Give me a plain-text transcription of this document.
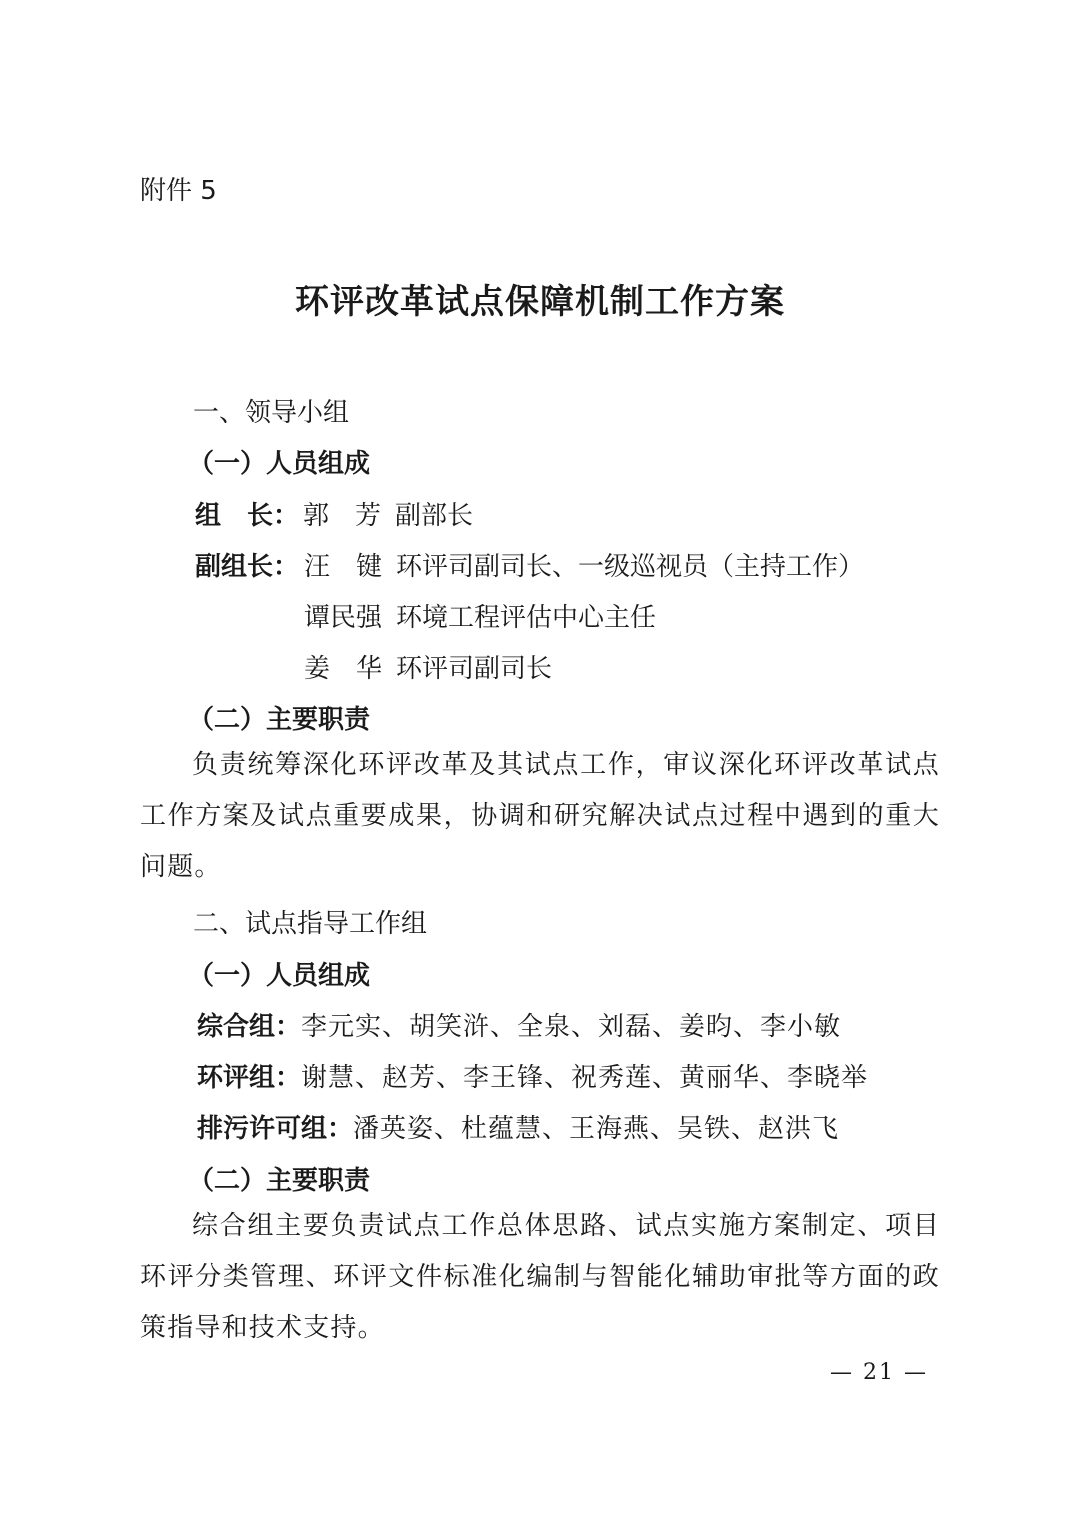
附件 5
环评改革试点保障机制工作方案
一、领导小组
（一）人员组成
组　长： 郭　芳 副部长
副组长： 汪　键 环评司副司长、一级巡视员（主持工作）
谭民强 环境工程评估中心主任
姜　华 环评司副司长
（二）主要职责
负责统筹深化环评改革及其试点工作，审议深化环评改革试点工作方案及试点重要成果，协调和研究解决试点过程中遇到的重大问题。
二、试点指导工作组
（一）人员组成
综合组：李元实、胡笑浒、全泉、刘磊、姜昀、李小敏
环评组：谢慧、赵芳、李王锋、祝秀莲、黄丽华、李晓举
排污许可组：潘英姿、杜蕴慧、王海燕、吴铁、赵洪飞
（二）主要职责
综合组主要负责试点工作总体思路、试点实施方案制定、项目环评分类管理、环评文件标准化编制与智能化辅助审批等方面的政策指导和技术支持。
— 21 —
